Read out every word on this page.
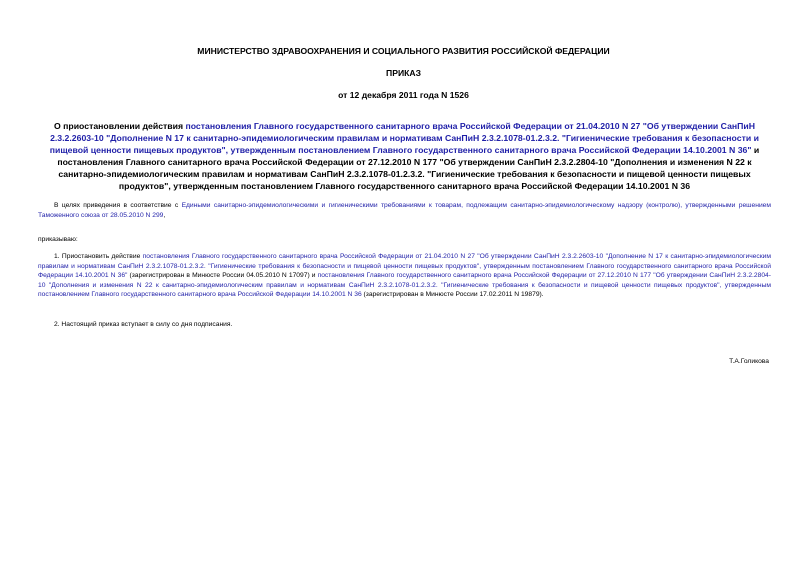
МИНИСТЕРСТВО ЗДРАВООХРАНЕНИЯ И СОЦИАЛЬНОГО РАЗВИТИЯ РОССИЙСКОЙ ФЕДЕРАЦИИ
ПРИКАЗ
от 12 декабря 2011 года N 1526
О приостановлении действия постановления Главного государственного санитарного врача Российской Федерации от 21.04.2010 N 27 "Об утверждении СанПиН 2.3.2.2603-10 "Дополнение N 17 к санитарно-эпидемиологическим правилам и нормативам СанПиН 2.3.2.1078-01.2.3.2. "Гигиенические требования к безопасности и пищевой ценности пищевых продуктов", утвержденным постановлением Главного государственного санитарного врача Российской Федерации 14.10.2001 N 36" и постановления Главного санитарного врача Российской Федерации от 27.12.2010 N 177 "Об утверждении СанПиН 2.3.2.2804-10 "Дополнения и изменения N 22 к санитарно-эпидемиологическим правилам и нормативам СанПиН 2.3.2.1078-01.2.3.2. "Гигиенические требования к безопасности и пищевой ценности пищевых продуктов", утвержденным постановлением Главного государственного санитарного врача Российской Федерации 14.10.2001 N 36
В целях приведения в соответствие с Едиными санитарно-эпидемиологическими и гигиеническими требованиями к товарам, подлежащим санитарно-эпидемиологическому надзору (контролю), утвержденными решением Таможенного союза от 28.05.2010 N 299,
приказываю:
1. Приостановить действие постановления Главного государственного санитарного врача Российской Федерации от 21.04.2010 N 27 "Об утверждении СанПиН 2.3.2.2603-10 "Дополнение N 17 к санитарно-эпидемиологическим правилам и нормативам СанПиН 2.3.2.1078-01.2.3.2. "Гигиенические требования к безопасности и пищевой ценности пищевых продуктов", утвержденным постановлением Главного государственного санитарного врача Российской Федерации 14.10.2001 N 36" (зарегистрирован в Минюсте России 04.05.2010 N 17097) и постановления Главного государственного санитарного врача Российской Федерации от 27.12.2010 N 177 "Об утверждении СанПиН 2.3.2.2804-10 "Дополнения и изменения N 22 к санитарно-эпидемиологическим правилам и нормативам СанПиН 2.3.2.1078-01.2.3.2. "Гигиенические требования к безопасности и пищевой ценности пищевых продуктов", утвержденным постановлением Главного государственного санитарного врача Российской Федерации 14.10.2001 N 36 (зарегистрирован в Минюсте России 17.02.2011 N 19879).
2. Настоящий приказ вступает в силу со дня подписания.
Т.А.Голикова
